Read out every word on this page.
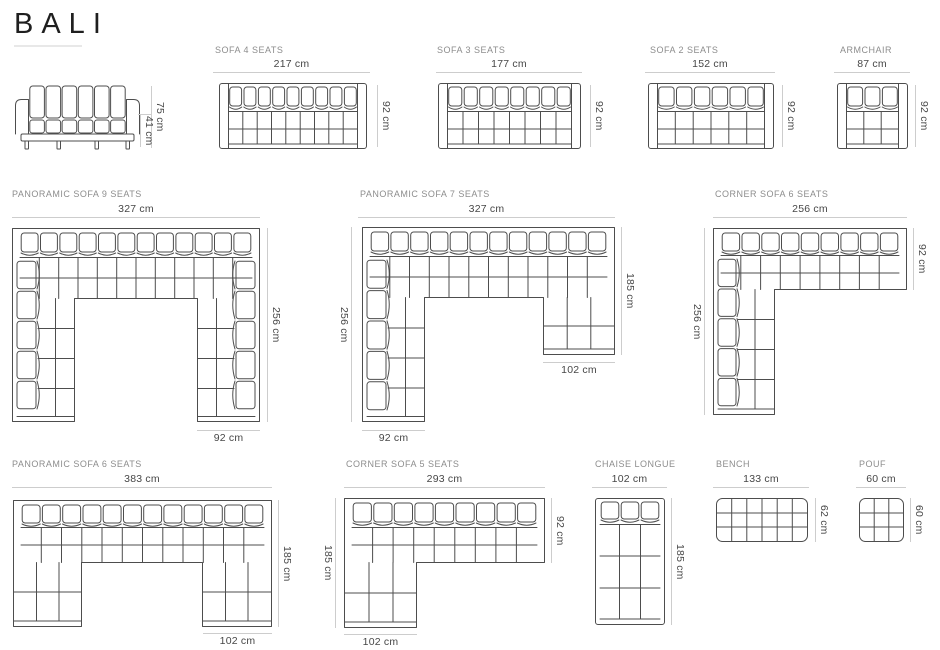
BALI
75 cm
41 cm
SOFA 4 SEATS
217 cm
92 cm
SOFA 3 SEATS
177 cm
92 cm
SOFA 2 SEATS
152 cm
92 cm
ARMCHAIR
87 cm
92 cm
PANORAMIC SOFA 9 SEATS
327 cm
256 cm
92 cm
PANORAMIC SOFA 7 SEATS
327 cm
256 cm
185 cm
102 cm
92 cm
CORNER SOFA 6 SEATS
256 cm
256 cm
92 cm
PANORAMIC SOFA 6 SEATS
383 cm
185 cm
102 cm
CORNER SOFA 5 SEATS
293 cm
185 cm
92 cm
102 cm
CHAISE LONGUE
102 cm
185 cm
BENCH
133 cm
62 cm
POUF
60 cm
60 cm
